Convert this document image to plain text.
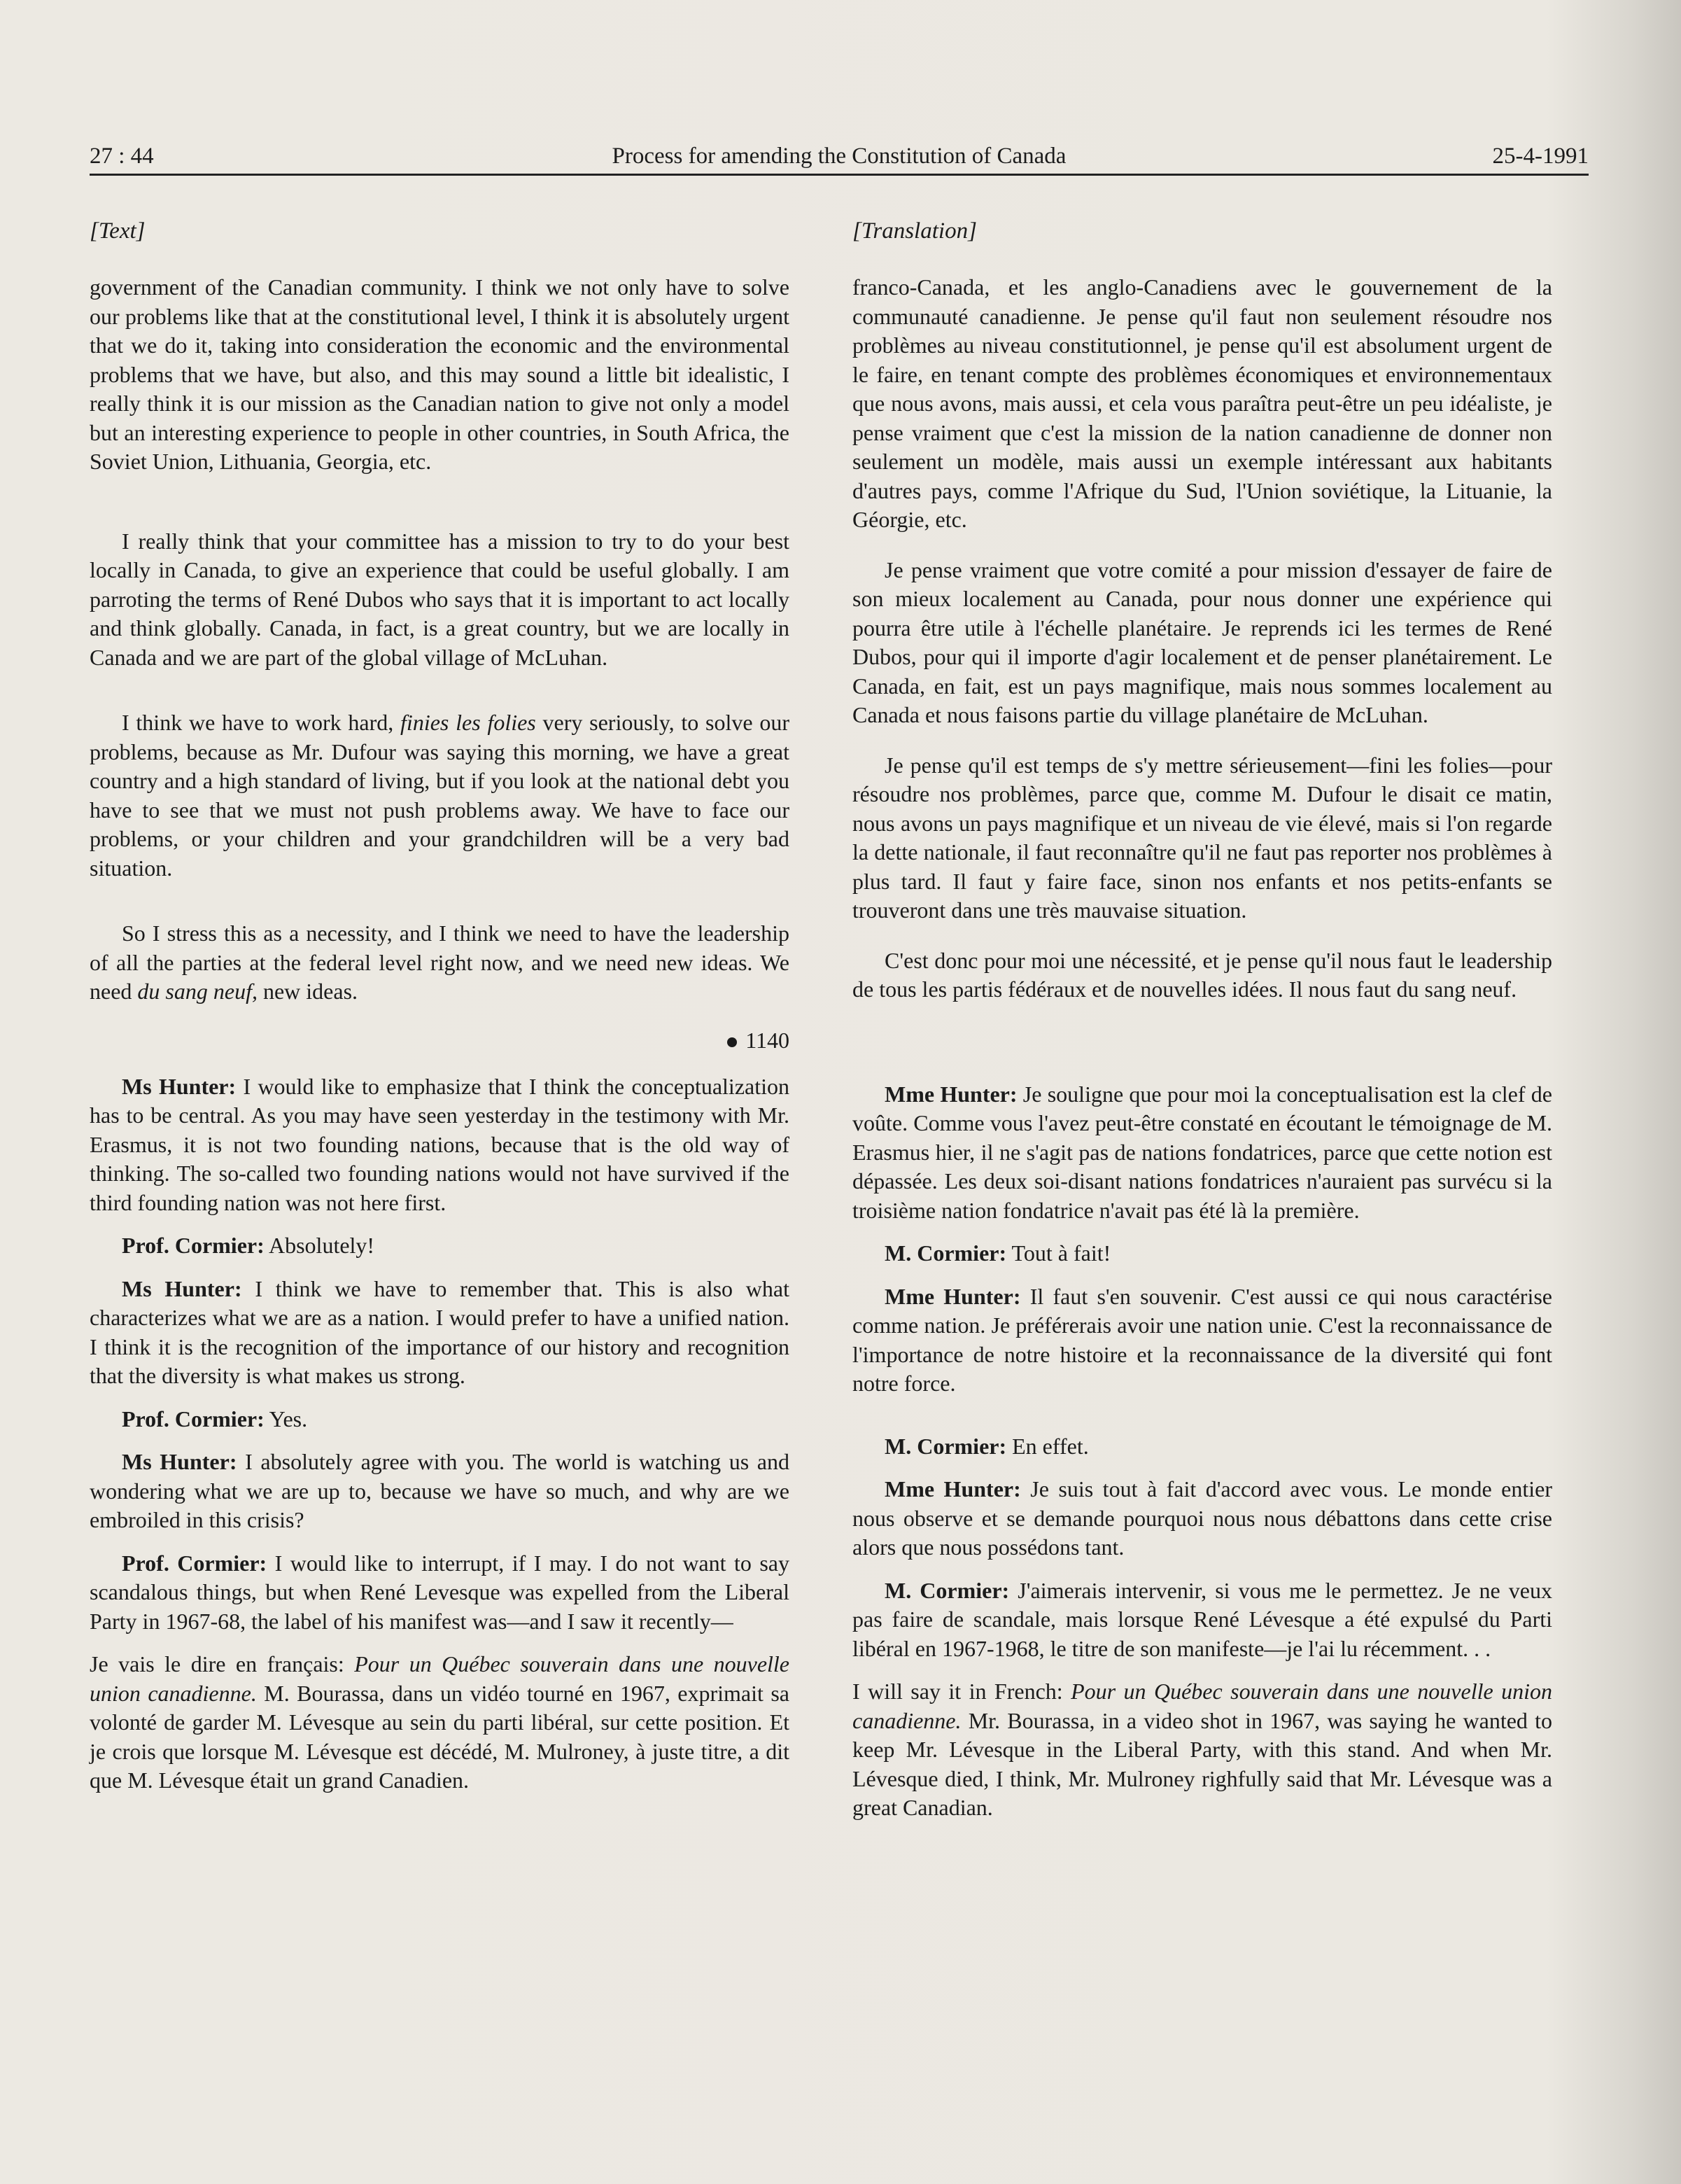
27 : 44	Process for amending the Constitution of Canada	25-4-1991

[Text]

government of the Canadian community. I think we not only have to solve our problems like that at the constitutional level, I think it is absolutely urgent that we do it, taking into consideration the economic and the environmental problems that we have, but also, and this may sound a little bit idealistic, I really think it is our mission as the Canadian nation to give not only a model but an interesting experience to people in other countries, in South Africa, the Soviet Union, Lithuania, Georgia, etc.

I really think that your committee has a mission to try to do your best locally in Canada, to give an experience that could be useful globally. I am parroting the terms of René Dubos who says that it is important to act locally and think globally. Canada, in fact, is a great country, but we are locally in Canada and we are part of the global village of McLuhan.

I think we have to work hard, finies les folies very seriously, to solve our problems, because as Mr. Dufour was saying this morning, we have a great country and a high standard of living, but if you look at the national debt you have to see that we must not push problems away. We have to face our problems, or your children and your grandchildren will be a very bad situation.

So I stress this as a necessity, and I think we need to have the leadership of all the parties at the federal level right now, and we need new ideas. We need du sang neuf, new ideas.

1140

Ms Hunter: I would like to emphasize that I think the conceptualization has to be central. As you may have seen yesterday in the testimony with Mr. Erasmus, it is not two founding nations, because that is the old way of thinking. The so-called two founding nations would not have survived if the third founding nation was not here first.

Prof. Cormier: Absolutely!

Ms Hunter: I think we have to remember that. This is also what characterizes what we are as a nation. I would prefer to have a unified nation. I think it is the recognition of the importance of our history and recognition that the diversity is what makes us strong.

Prof. Cormier: Yes.

Ms Hunter: I absolutely agree with you. The world is watching us and wondering what we are up to, because we have so much, and why are we embroiled in this crisis?

Prof. Cormier: I would like to interrupt, if I may. I do not want to say scandalous things, but when René Levesque was expelled from the Liberal Party in 1967-68, the label of his manifest was—and I saw it recently—

Je vais le dire en français: Pour un Québec souverain dans une nouvelle union canadienne. M. Bourassa, dans un vidéo tourné en 1967, exprimait sa volonté de garder M. Lévesque au sein du parti libéral, sur cette position. Et je crois que lorsque M. Lévesque est décédé, M. Mulroney, à juste titre, a dit que M. Lévesque était un grand Canadien.

[Translation]

franco-Canada, et les anglo-Canadiens avec le gouvernement de la communauté canadienne. Je pense qu'il faut non seulement résoudre nos problèmes au niveau constitutionnel, je pense qu'il est absolument urgent de le faire, en tenant compte des problèmes économiques et environnementaux que nous avons, mais aussi, et cela vous paraîtra peut-être un peu idéaliste, je pense vraiment que c'est la mission de la nation canadienne de donner non seulement un modèle, mais aussi un exemple intéressant aux habitants d'autres pays, comme l'Afrique du Sud, l'Union soviétique, la Lituanie, la Géorgie, etc.

Je pense vraiment que votre comité a pour mission d'essayer de faire de son mieux localement au Canada, pour nous donner une expérience qui pourra être utile à l'échelle planétaire. Je reprends ici les termes de René Dubos, pour qui il importe d'agir localement et de penser planétairement. Le Canada, en fait, est un pays magnifique, mais nous sommes localement au Canada et nous faisons partie du village planétaire de McLuhan.

Je pense qu'il est temps de s'y mettre sérieusement—fini les folies—pour résoudre nos problèmes, parce que, comme M. Dufour le disait ce matin, nous avons un pays magnifique et un niveau de vie élevé, mais si l'on regarde la dette nationale, il faut reconnaître qu'il ne faut pas reporter nos problèmes à plus tard. Il faut y faire face, sinon nos enfants et nos petits-enfants se trouveront dans une très mauvaise situation.

C'est donc pour moi une nécessité, et je pense qu'il nous faut le leadership de tous les partis fédéraux et de nouvelles idées. Il nous faut du sang neuf.

Mme Hunter: Je souligne que pour moi la conceptualisation est la clef de voûte. Comme vous l'avez peut-être constaté en écoutant le témoignage de M. Erasmus hier, il ne s'agit pas de nations fondatrices, parce que cette notion est dépassée. Les deux soi-disant nations fondatrices n'auraient pas survécu si la troisième nation fondatrice n'avait pas été là la première.

M. Cormier: Tout à fait!

Mme Hunter: Il faut s'en souvenir. C'est aussi ce qui nous caractérise comme nation. Je préférerais avoir une nation unie. C'est la reconnaissance de l'importance de notre histoire et la reconnaissance de la diversité qui font notre force.

M. Cormier: En effet.

Mme Hunter: Je suis tout à fait d'accord avec vous. Le monde entier nous observe et se demande pourquoi nous nous débattons dans cette crise alors que nous possédons tant.

M. Cormier: J'aimerais intervenir, si vous me le permettez. Je ne veux pas faire de scandale, mais lorsque René Lévesque a été expulsé du Parti libéral en 1967-1968, le titre de son manifeste—je l'ai lu récemment. . .

I will say it in French: Pour un Québec souverain dans une nouvelle union canadienne. Mr. Bourassa, in a video shot in 1967, was saying he wanted to keep Mr. Lévesque in the Liberal Party, with this stand. And when Mr. Lévesque died, I think, Mr. Mulroney righfully said that Mr. Lévesque was a great Canadian.
